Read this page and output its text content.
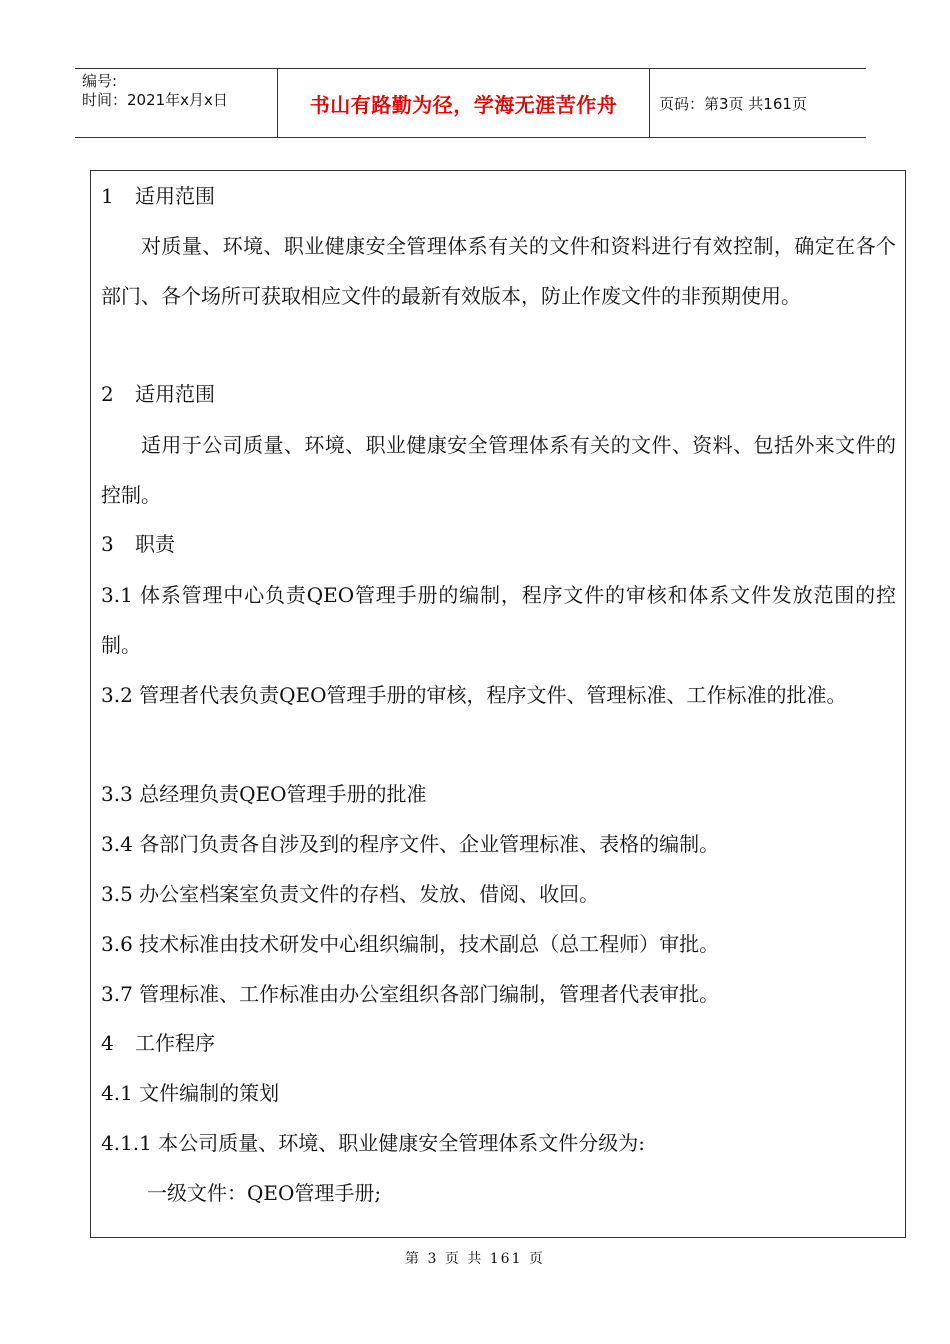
编号:
时间：2021年x月x日	书山有路勤为径，学海无涯苦作舟	页码：第3页 共161页
1 适用范围

对质量、环境、职业健康安全管理体系有关的文件和资料进行有效控制，确定在各个部门、各个场所可获取相应文件的最新有效版本，防止作废文件的非预期使用。

2 适用范围

适用于公司质量、环境、职业健康安全管理体系有关的文件、资料、包括外来文件的控制。

3 职责

3.1 体系管理中心负责QEO管理手册的编制，程序文件的审核和体系文件发放范围的控制。

3.2 管理者代表负责QEO管理手册的审核，程序文件、管理标准、工作标准的批准。

3.3 总经理负责QEO管理手册的批准
3.4 各部门负责各自涉及到的程序文件、企业管理标准、表格的编制。
3.5 办公室档案室负责文件的存档、发放、借阅、收回。
3.6 技术标准由技术研发中心组织编制，技术副总（总工程师）审批。
3.7 管理标准、工作标准由办公室组织各部门编制，管理者代表审批。
4 工作程序
4.1 文件编制的策划
4.1.1 本公司质量、环境、职业健康安全管理体系文件分级为:
一级文件：QEO管理手册;
第 3 页 共 161 页
